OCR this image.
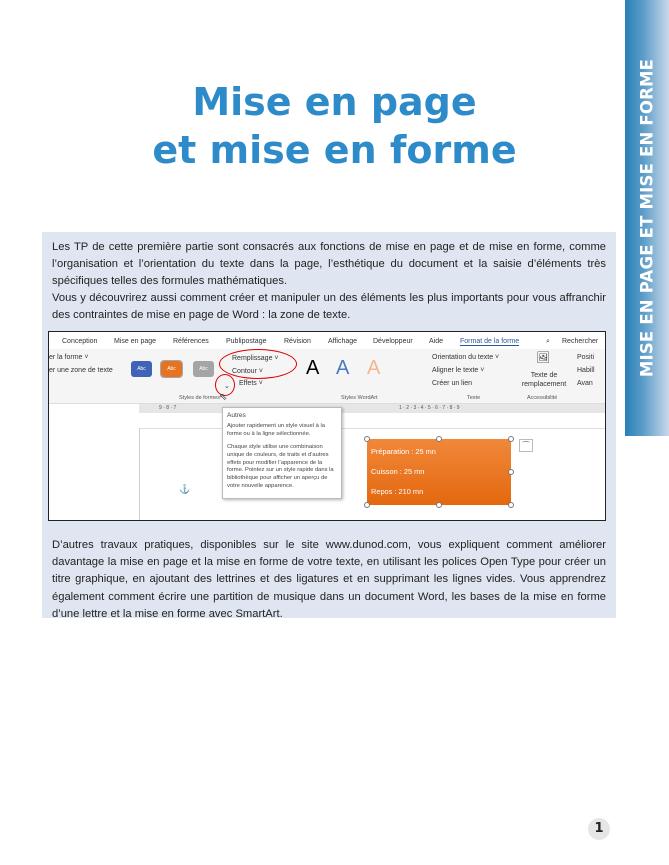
MISE EN PAGE ET MISE EN FORME
Mise en page
et mise en forme

Les TP de cette première partie sont consacrés aux fonctions de mise en page et de mise en forme, comme l’organisation et l’orientation du texte dans la page, l’esthétique du document et la saisie d’éléments très spécifiques telles des formules mathématiques.

Vous y découvrirez aussi comment créer et manipuler un des éléments les plus importants pour vous affranchir des contraintes de mise en page de Word : la zone de texte.

Conception Mise en page Références Publipostage	Révision Affichage Développeur Aide Format de la forme	⌕ Rechercher
er la forme ˅
er une zone de texte	Abc	Abc	Abc
Remplissage ˅
Contour ˅
Effets ˅
⌄
A A A	Orientation du texte ˅
Aligner le texte ˅
Créer un lien
🖼
Texte de remplacement
Positi
Habill
Avan
Styles de formes	Styles WordArt	Texte	Accessibilité
9 · 8 · 7	1 · 2 · 3 · 4 · 5 · 6 · 7 · 8 · 9
⚓
Préparation : 25 mn
Cuisson : 25 mn
Repos : 210 mn
⌒
Autres
Ajouter rapidement un style visuel à la forme ou à la ligne sélectionnée.
Chaque style utilise une combinaison unique de couleurs, de traits et d’autres effets pour modifier l’apparence de la forme. Pointez sur un style rapide dans la bibliothèque pour afficher un aperçu de votre nouvelle apparence.
⇖

D’autres travaux pratiques, disponibles sur le site www.dunod.com, vous expliquent comment améliorer davantage la mise en page et la mise en forme de votre texte, en utilisant les polices Open Type pour créer un titre graphique, en ajoutant des lettrines et des ligatures et en supprimant les lignes vides. Vous apprendrez également comment écrire une partition de musique dans un document Word, les bases de la mise en forme d’une lettre et la mise en forme avec SmartArt.

1
